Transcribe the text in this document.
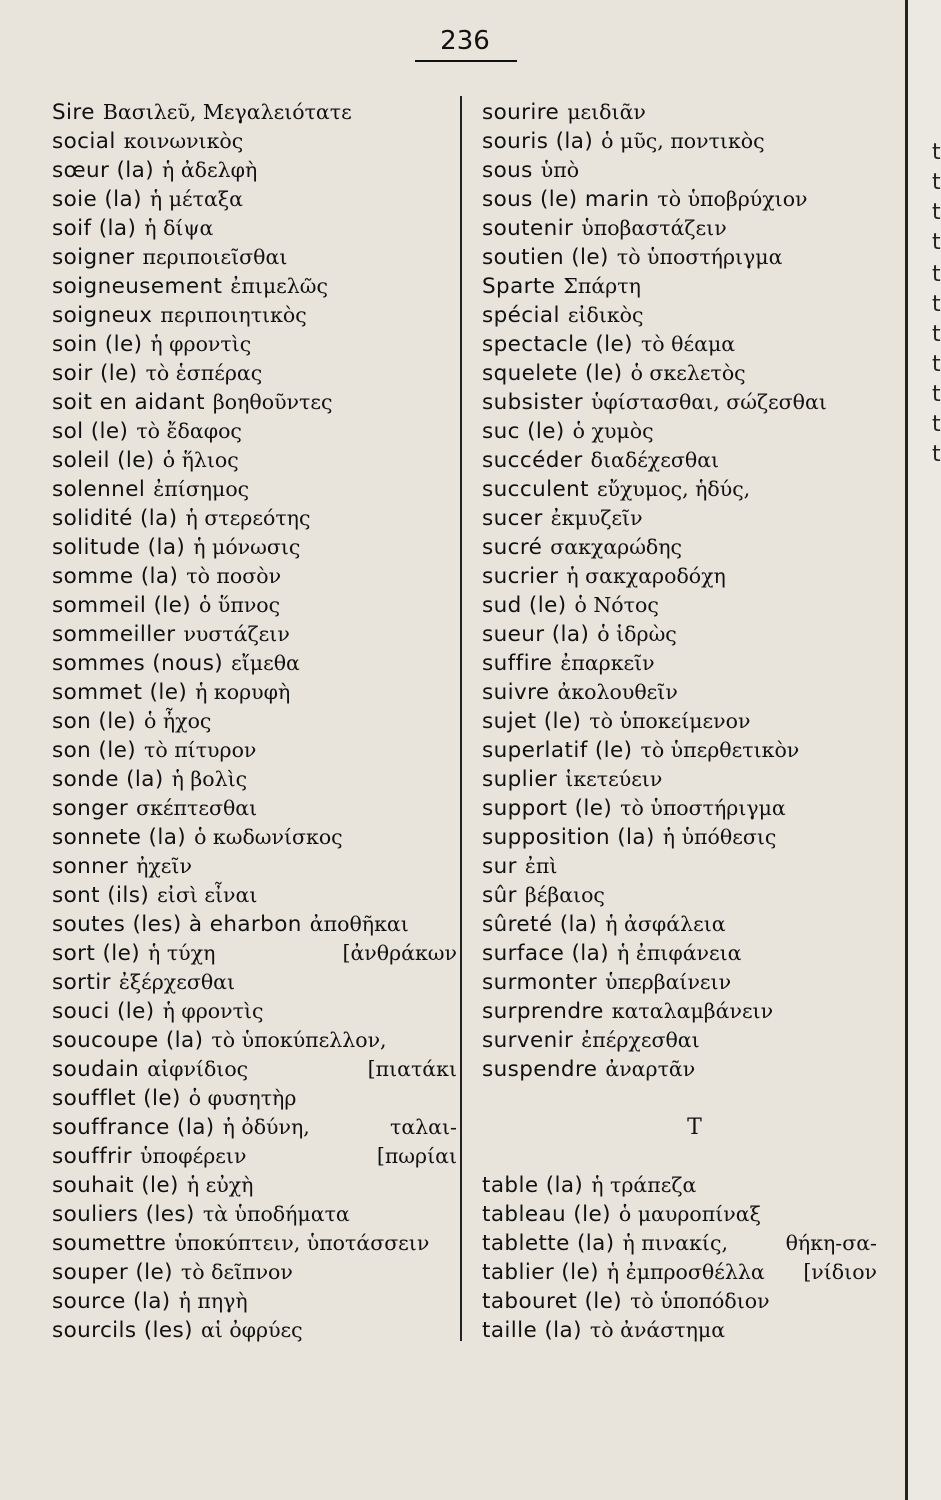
236
Sire Βασιλεῦ, Μεγαλειότατε
social κοινωνικὸς
sœur (la) ἡ ἀδελφὴ
soie (la) ἡ μέταξα
soif (la) ἡ δίψα
soigner περιποιεῖσθαι
soigneusement ἐπιμελῶς
soigneux περιποιητικὸς
soin (le) ἡ φροντὶς
soir (le) τὸ ἑσπέρας
soit en aidant βοηθοῦντες
sol (le) τὸ ἔδαφος
soleil (le) ὁ ἥλιος
solennel ἐπίσημος
solidité (la) ἡ στερεότης
solitude (la) ἡ μόνωσις
somme (la) τὸ ποσὸν
sommeil (le) ὁ ὕπνος
sommeiller νυστάζειν
sommes (nous) εἴμεθα
sommet (le) ἡ κορυφὴ
son (le) ὁ ἦχος
son (le) τὸ πίτυρον
sonde (la) ἡ βολὶς
songer σκέπτεσθαι
sonnete (la) ὁ κωδωνίσκος
sonner ἠχεῖν
sont (ils) εἰσὶ εἶναι
soutes (les) à eharbon ἀποθῆκαι
sort (le) ἡ τύχη	[ἀνθράκων
sortir ἐξέρχεσθαι
souci (le) ἡ φροντὶς
soucoupe (la) τὸ ὑποκύπελλον,
soudain αἰφνίδιος	[πιατάκι
soufflet (le) ὁ φυσητὴρ
souffrance (la) ἡ ὀδύνη,	ταλαι-
souffrir ὑποφέρειν	[πωρίαι
souhait (le) ἡ εὐχὴ
souliers (les) τὰ ὑποδήματα
soumettre ὑποκύπτειν, ὑποτάσσειν
souper (le) τὸ δεῖπνον
source (la) ἡ πηγὴ
sourcils (les) αἱ ὀφρύες
sourire μειδιᾶν
souris (la) ὁ μῦς, ποντικὸς
sous ὑπὸ
sous (le) marin τὸ ὑποβρύχιον
soutenir ὑποβαστάζειν
soutien (le) τὸ ὑποστήριγμα
Sparte Σπάρτη
spécial εἰδικὸς
spectacle (le) τὸ θέαμα
squelete (le) ὁ σκελετὸς
subsister ὑφίστασθαι, σώζεσθαι
suc (le) ὁ χυμὸς
succéder διαδέχεσθαι
succulent εὔχυμος, ἡδύς,
sucer ἐκμυζεῖν
sucré σακχαρώδης
sucrier ἡ σακχαροδόχη
sud (le) ὁ Νότος
sueur (la) ὁ ἱδρὼς
suffire ἐπαρκεῖν
suivre ἀκολουθεῖν
sujet (le) τὸ ὑποκείμενον
superlatif (le) τὸ ὑπερθετικὸν
suplier ἱκετεύειν
support (le) τὸ ὑποστήριγμα
supposition (la) ἡ ὑπόθεσις
sur ἐπὶ
sûr βέβαιος
sûreté (la) ἡ ἀσφάλεια
surface (la) ἡ ἐπιφάνεια
surmonter ὑπερβαίνειν
surprendre καταλαμβάνειν
survenir ἐπέρχεσθαι
suspendre ἀναρτᾶν
T
table (la) ἡ τράπεζα
tableau (le) ὁ μαυροπίναξ
tablette (la) ἡ πινακίς,	θήκη-σα-
tablier (le) ἡ ἐμπροσθέλλα [νίδιον
tabouret (le) τὸ ὑποπόδιον
taille (la) τὸ ἀνάστημα
t
t
t
t
t
t
t
t
t
t
t
